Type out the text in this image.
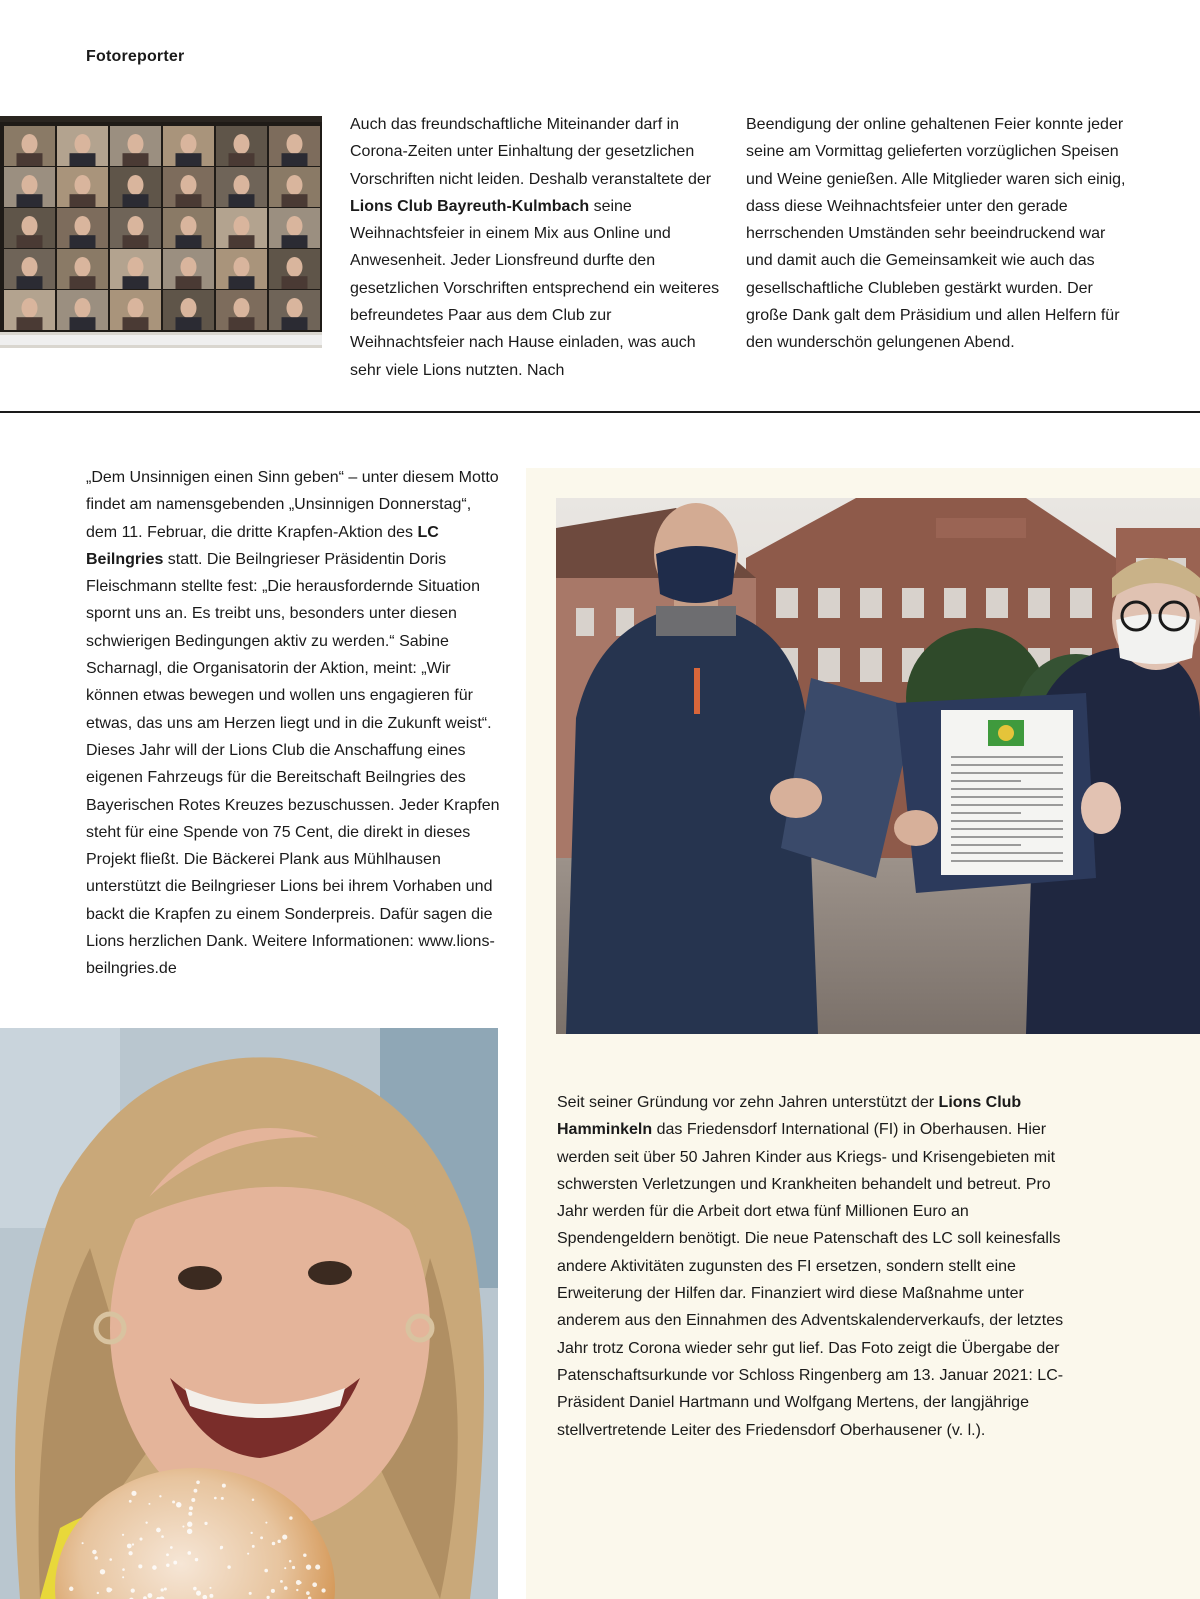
Fotoreporter

Auch das freundschaftliche Miteinander darf in Corona-Zeiten unter Einhaltung der gesetzlichen Vorschriften nicht leiden. Deshalb veranstaltete der Lions Club Bayreuth-Kulmbach seine Weihnachtsfeier in einem Mix aus Online und Anwesenheit. Jeder Lionsfreund durfte den gesetzlichen Vorschriften entsprechend ein weiteres befreundetes Paar aus dem Club zur Weihnachtsfeier nach Hause einladen, was auch sehr viele Lions nutzten. Nach

Beendigung der online gehaltenen Feier konnte jeder seine am Vormittag gelieferten vorzüglichen Speisen und Weine genießen. Alle Mitglieder waren sich einig, dass diese Weihnachtsfeier unter den gerade herrschenden Umständen sehr beeindruckend war und damit auch die Gemeinsamkeit wie auch das gesellschaftliche Clubleben gestärkt wurden. Der große Dank galt dem Präsidium und allen Helfern für den wunderschön gelungenen Abend.

„Dem Unsinnigen einen Sinn geben“ – unter diesem Motto findet am namensgebenden „Unsinnigen Donnerstag“, dem 11. Februar, die dritte Krapfen-Aktion des LC Beilngries statt. Die Beilngrieser Präsidentin Doris Fleischmann stellte fest: „Die herausfordernde Situation spornt uns an. Es treibt uns, besonders unter diesen schwierigen Bedingungen aktiv zu werden.“ Sabine Scharnagl, die Organisatorin der Aktion, meint: „Wir können etwas bewegen und wollen uns engagieren für etwas, das uns am Herzen liegt und in die Zukunft weist“. Dieses Jahr will der Lions Club die Anschaffung eines eigenen Fahrzeugs für die Bereitschaft Beilngries des Bayerischen Rotes Kreuzes bezuschussen. Jeder Krapfen steht für eine Spende von 75 Cent, die direkt in dieses Projekt fließt. Die Bäckerei Plank aus Mühlhausen unterstützt die Beilngrieser Lions bei ihrem Vorhaben und backt die Krapfen zu einem Sonderpreis. Dafür sagen die Lions herzlichen Dank. Weitere Informationen: www.lions-beilngries.de

Seit seiner Gründung vor zehn Jahren unterstützt der Lions Club Hamminkeln das Friedensdorf International (FI) in Oberhausen. Hier werden seit über 50 Jahren Kinder aus Kriegs- und Krisengebieten mit schwersten Verletzungen und Krankheiten behandelt und betreut. Pro Jahr werden für die Arbeit dort etwa fünf Millionen Euro an Spendengeldern benötigt. Die neue Patenschaft des LC soll keinesfalls andere Aktivitäten zugunsten des FI ersetzen, sondern stellt eine Erweiterung der Hilfen dar. Finanziert wird diese Maßnahme unter anderem aus den Einnahmen des Adventskalenderverkaufs, der letztes Jahr trotz Corona wieder sehr gut lief. Das Foto zeigt die Übergabe der Patenschaftsurkunde vor Schloss Ringenberg am 13. Januar 2021: LC-Präsident Daniel Hartmann und Wolfgang Mertens, der langjährige stellvertretende Leiter des Friedensdorf Oberhausener (v. l.).
